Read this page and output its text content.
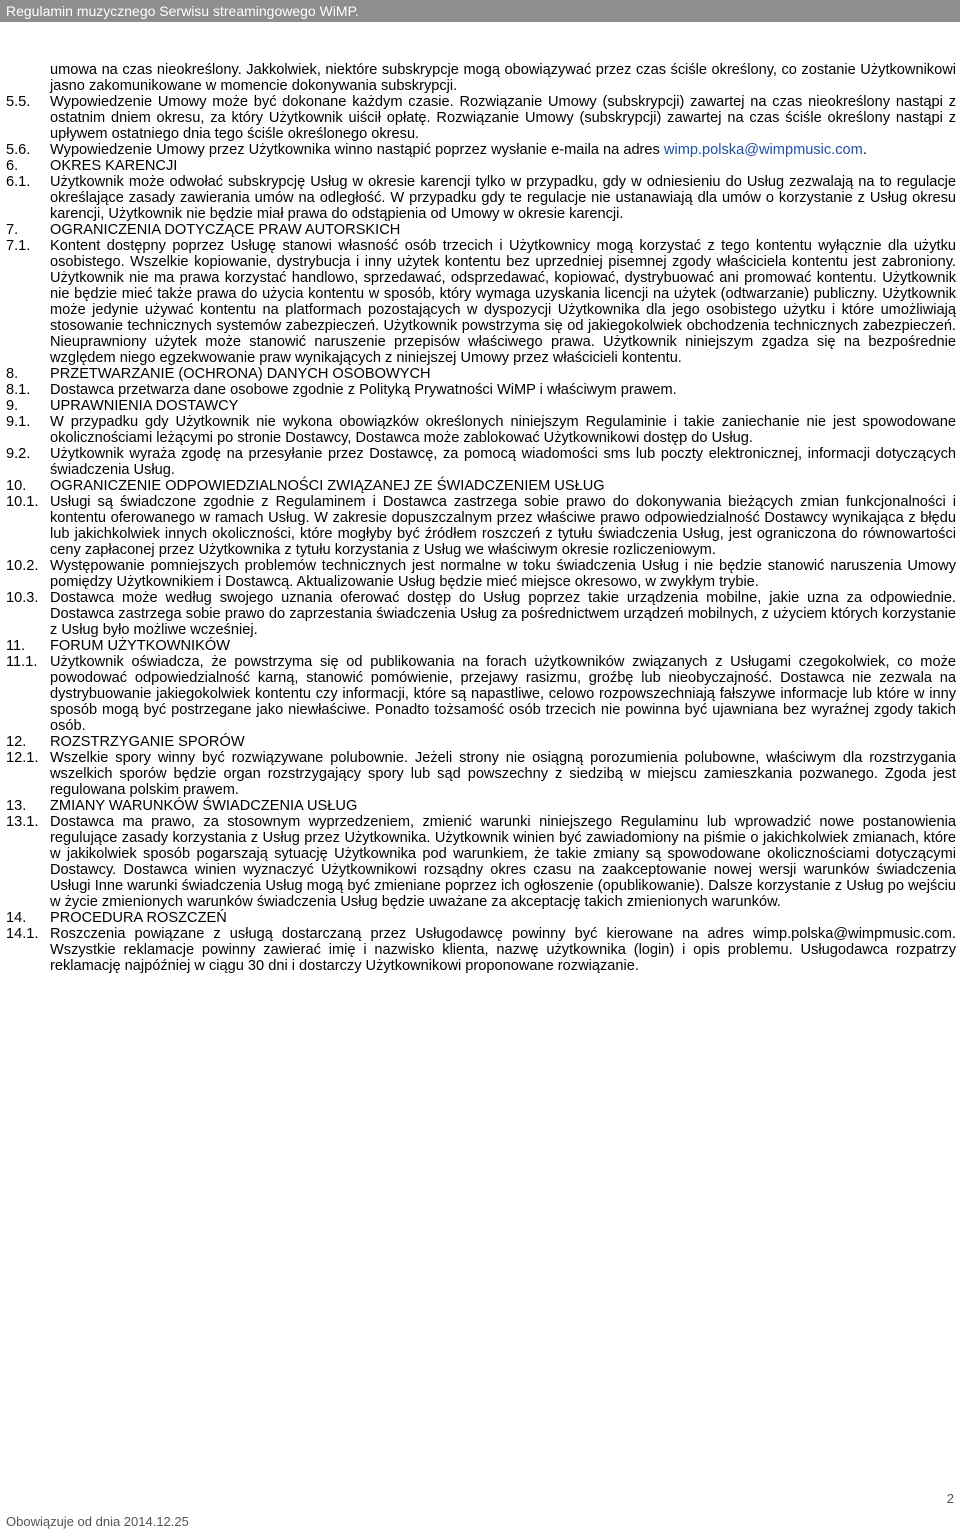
Regulamin muzycznego Serwisu streamingowego WiMP.
umowa na czas nieokreślony. Jakkolwiek, niektóre subskrypcje mogą obowiązywać przez czas ściśle określony, co zostanie Użytkownikowi jasno zakomunikowane w momencie dokonywania subskrypcji.
5.5.	Wypowiedzenie Umowy może być dokonane każdym czasie. Rozwiązanie Umowy (subskrypcji) zawartej na czas nieokreślony nastąpi z ostatnim dniem okresu, za który Użytkownik uiścił opłatę. Rozwiązanie Umowy (subskrypcji) zawartej na czas ściśle określony nastąpi z upływem ostatniego dnia tego ściśle określonego okresu.
5.6.	Wypowiedzenie Umowy przez Użytkownika winno nastąpić poprzez wysłanie e-maila na adres wimp.polska@wimpmusic.com.
6.	OKRES KARENCJI
6.1.	Użytkownik może odwołać subskrypcję Usług w okresie karencji tylko w przypadku, gdy w odniesieniu do Usług zezwalają na to regulacje określające zasady zawierania umów na odległość. W przypadku gdy te regulacje nie ustanawiają dla umów o korzystanie z Usług okresu karencji, Użytkownik nie będzie miał prawa do odstąpienia od Umowy w okresie karencji.
7.	OGRANICZENIA DOTYCZĄCE PRAW AUTORSKICH
7.1.	Kontent dostępny poprzez Usługę stanowi własność osób trzecich i Użytkownicy mogą korzystać z tego kontentu wyłącznie dla użytku osobistego. Wszelkie kopiowanie, dystrybucja i inny użytek kontentu bez uprzedniej pisemnej zgody właściciela kontentu jest zabroniony. Użytkownik nie ma prawa korzystać handlowo, sprzedawać, odsprzedawać, kopiować, dystrybuować ani promować kontentu. Użytkownik nie będzie mieć także prawa do użycia kontentu w sposób, który wymaga uzyskania licencji na użytek (odtwarzanie) publiczny. Użytkownik może jedynie używać kontentu na platformach pozostających w dyspozycji Użytkownika dla jego osobistego użytku i które umożliwiają stosowanie technicznych systemów zabezpieczeń. Użytkownik powstrzyma się od jakiegokolwiek obchodzenia technicznych zabezpieczeń. Nieuprawniony użytek może stanowić naruszenie przepisów właściwego prawa. Użytkownik niniejszym zgadza się na bezpośrednie względem niego egzekwowanie praw wynikających z niniejszej Umowy przez właścicieli kontentu.
8.	PRZETWARZANIE (OCHRONA) DANYCH OSOBOWYCH
8.1.	Dostawca przetwarza dane osobowe zgodnie z Polityką Prywatności WiMP i właściwym prawem.
9.	UPRAWNIENIA DOSTAWCY
9.1.	W przypadku gdy Użytkownik nie wykona obowiązków określonych niniejszym Regulaminie i takie zaniechanie nie jest spowodowane okolicznościami leżącymi po stronie Dostawcy, Dostawca może zablokować Użytkownikowi dostęp do Usług.
9.2.	Użytkownik wyraża zgodę na przesyłanie przez Dostawcę, za pomocą wiadomości sms lub poczty elektronicznej, informacji dotyczących świadczenia Usług.
10.	OGRANICZENIE ODPOWIEDZIALNOŚCI ZWIĄZANEJ ZE ŚWIADCZENIEM USŁUG
10.1. Usługi są świadczone zgodnie z Regulaminem i Dostawca zastrzega sobie prawo do dokonywania bieżących zmian funkcjonalności i kontentu oferowanego w ramach Usług. W zakresie dopuszczalnym przez właściwe prawo odpowiedzialność Dostawcy wynikająca z błędu lub jakichkolwiek innych okoliczności, które mogłyby być źródłem roszczeń z tytułu świadczenia Usług, jest ograniczona do równowartości ceny zapłaconej przez Użytkownika z tytułu korzystania z Usług we właściwym okresie rozliczeniowym.
10.2. Występowanie pomniejszych problemów technicznych jest normalne w toku świadczenia Usług i nie będzie stanowić naruszenia Umowy pomiędzy Użytkownikiem i Dostawcą. Aktualizowanie Usług będzie mieć miejsce okresowo, w zwykłym trybie.
10.3. Dostawca może według swojego uznania oferować dostęp do Usług poprzez takie urządzenia mobilne, jakie uzna za odpowiednie. Dostawca zastrzega sobie prawo do zaprzestania świadczenia Usług za pośrednictwem urządzeń mobilnych, z użyciem których korzystanie z Usług było możliwe wcześniej.
11.	FORUM UŻYTKOWNIKÓW
11.1. Użytkownik oświadcza, że powstrzyma się od publikowania na forach użytkowników związanych z Usługami czegokolwiek, co może powodować odpowiedzialność karną, stanowić pomówienie, przejawy rasizmu, groźbę lub nieobyczajność. Dostawca nie zezwala na dystrybuowanie jakiegokolwiek kontentu czy informacji, które są napastliwe, celowo rozpowszechniają fałszywe informacje lub które w inny sposób mogą być postrzegane jako niewłaściwe. Ponadto tożsamość osób trzecich nie powinna być ujawniana bez wyraźnej zgody takich osób.
12.	ROZSTRZYGANIE SPORÓW
12.1. Wszelkie spory winny być rozwiązywane polubownie. Jeżeli strony nie osiągną porozumienia polubowne, właściwym dla rozstrzygania wszelkich sporów będzie organ rozstrzygający spory lub sąd powszechny z siedzibą w miejscu zamieszkania pozwanego. Zgoda jest regulowana polskim prawem.
13.	ZMIANY WARUNKÓW ŚWIADCZENIA USŁUG
13.1. Dostawca ma prawo, za stosownym wyprzedzeniem, zmienić warunki niniejszego Regulaminu lub wprowadzić nowe postanowienia regulujące zasady korzystania z Usług przez Użytkownika. Użytkownik winien być zawiadomiony na piśmie o jakichkolwiek zmianach, które w jakikolwiek sposób pogarszają sytuację Użytkownika pod warunkiem, że takie zmiany są spowodowane okolicznościami dotyczącymi Dostawcy. Dostawca winien wyznaczyć Użytkownikowi rozsądny okres czasu na zaakceptowanie nowej wersji warunków świadczenia Usługi Inne warunki świadczenia Usług mogą być zmieniane poprzez ich ogłoszenie (opublikowanie). Dalsze korzystanie z Usług po wejściu w życie zmienionych warunków świadczenia Usług będzie uważane za akceptację takich zmienionych warunków.
14.	PROCEDURA ROSZCZEŃ
14.1. Roszczenia powiązane z usługą dostarczaną przez Usługodawcę powinny być kierowane na adres wimp.polska@wimpmusic.com. Wszystkie reklamacje powinny zawierać imię i nazwisko klienta, nazwę użytkownika (login) i opis problemu. Usługodawca rozpatrzy reklamację najpóźniej w ciągu 30 dni i dostarczy Użytkownikowi proponowane rozwiązanie.
2
Obowiązuje od dnia 2014.12.25
